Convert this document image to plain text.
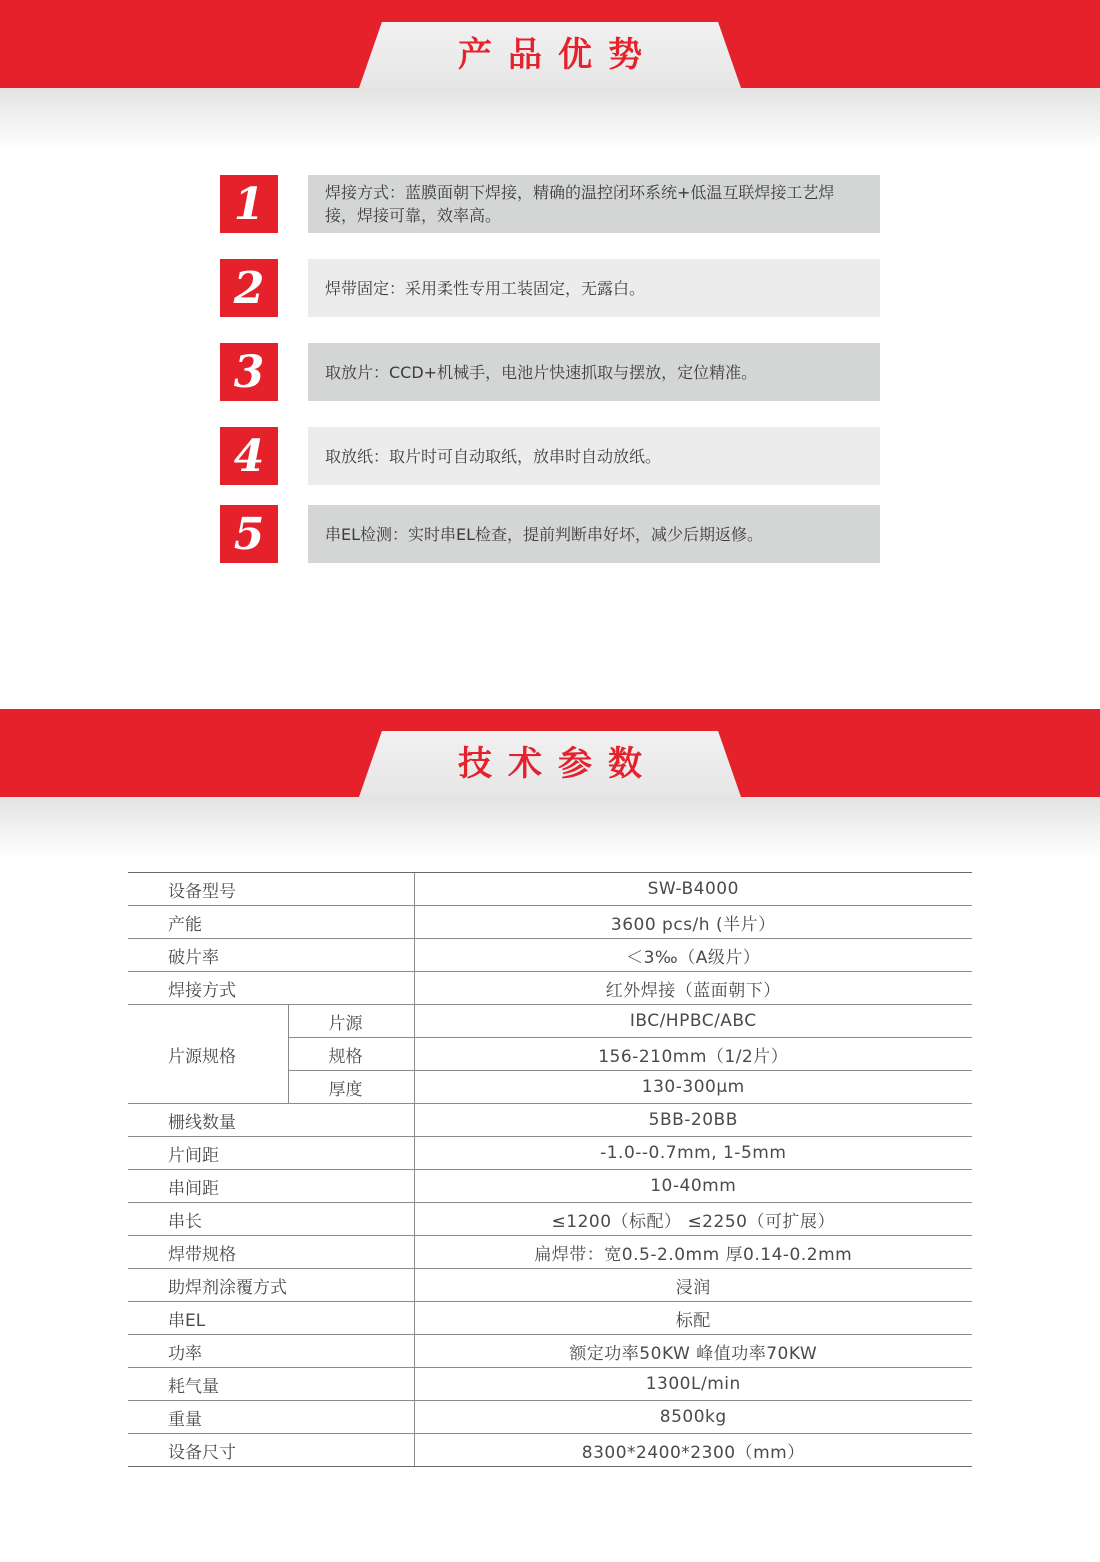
产品优势
1	焊接方式：蓝膜面朝下焊接，精确的温控闭环系统+低温互联焊接工艺焊接，焊接可靠，效率高。
2	焊带固定：采用柔性专用工装固定，无露白。
3	取放片：CCD+机械手，电池片快速抓取与摆放，定位精准。
4	取放纸：取片时可自动取纸，放串时自动放纸。
5	串EL检测：实时串EL检查，提前判断串好坏，减少后期返修。
技术参数
设备型号		SW-B4000
产能		3600 pcs/h (半片）
破片率		＜3‰（A级片）
焊接方式		红外焊接（蓝面朝下）
片源规格	片源	IBC/HPBC/ABC
	规格	156-210mm（1/2片）
	厚度	130-300μm
栅线数量		5BB-20BB
片间距		-1.0--0.7mm, 1-5mm
串间距		10-40mm
串长		≤1200（标配） ≤2250（可扩展）
焊带规格		扁焊带：宽0.5-2.0mm 厚0.14-0.2mm
助焊剂涂覆方式		浸润
串EL		标配
功率		额定功率50KW 峰值功率70KW
耗气量		1300L/min
重量		8500kg
设备尺寸		8300*2400*2300（mm）
